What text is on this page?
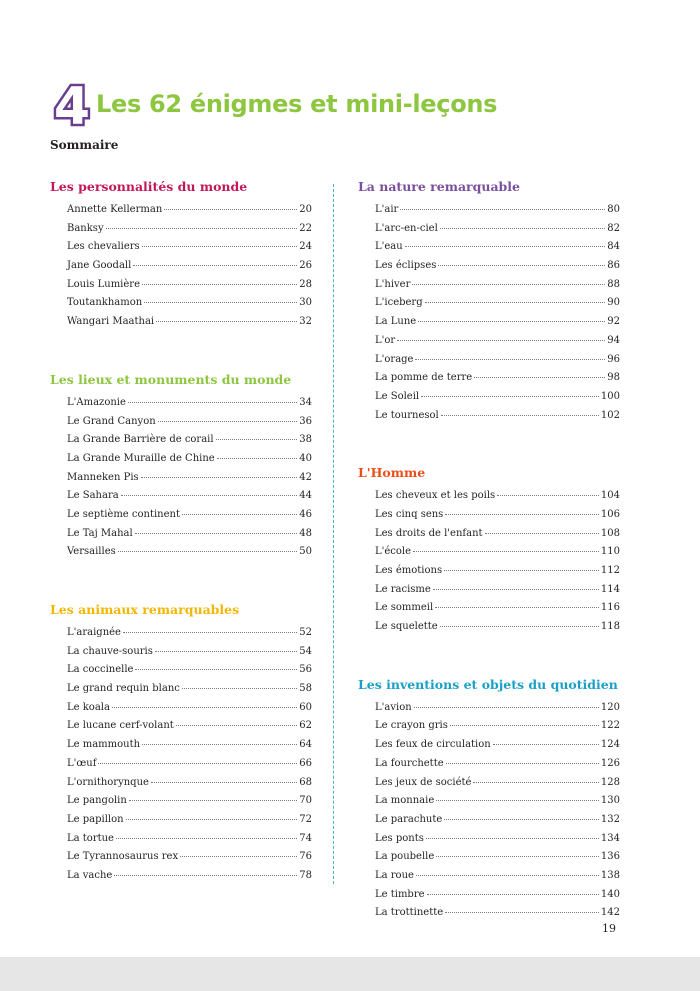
4 Les 62 énigmes et mini-leçons
Sommaire
Les personnalités du monde
Annette Kellerman	20
Banksy	22
Les chevaliers	24
Jane Goodall	26
Louis Lumière	28
Toutankhamon	30
Wangari Maathai	32
Les lieux et monuments du monde
L'Amazonie	34
Le Grand Canyon	36
La Grande Barrière de corail	38
La Grande Muraille de Chine	40
Manneken Pis	42
Le Sahara	44
Le septième continent	46
Le Taj Mahal	48
Versailles	50
Les animaux remarquables
L'araignée	52
La chauve-souris	54
La coccinelle	56
Le grand requin blanc	58
Le koala	60
Le lucane cerf-volant	62
Le mammouth	64
L'œuf	66
L'ornithorynque	68
Le pangolin	70
Le papillon	72
La tortue	74
Le Tyrannosaurus rex	76
La vache	78
La nature remarquable
L'air	80
L'arc-en-ciel	82
L'eau	84
Les éclipses	86
L'hiver	88
L'iceberg	90
La Lune	92
L'or	94
L'orage	96
La pomme de terre	98
Le Soleil	100
Le tournesol	102
L'Homme
Les cheveux et les poils	104
Les cinq sens	106
Les droits de l'enfant	108
L'école	110
Les émotions	112
Le racisme	114
Le sommeil	116
Le squelette	118
Les inventions et objets du quotidien
L'avion	120
Le crayon gris	122
Les feux de circulation	124
La fourchette	126
Les jeux de société	128
La monnaie	130
Le parachute	132
Les ponts	134
La poubelle	136
La roue	138
Le timbre	140
La trottinette	142
19
